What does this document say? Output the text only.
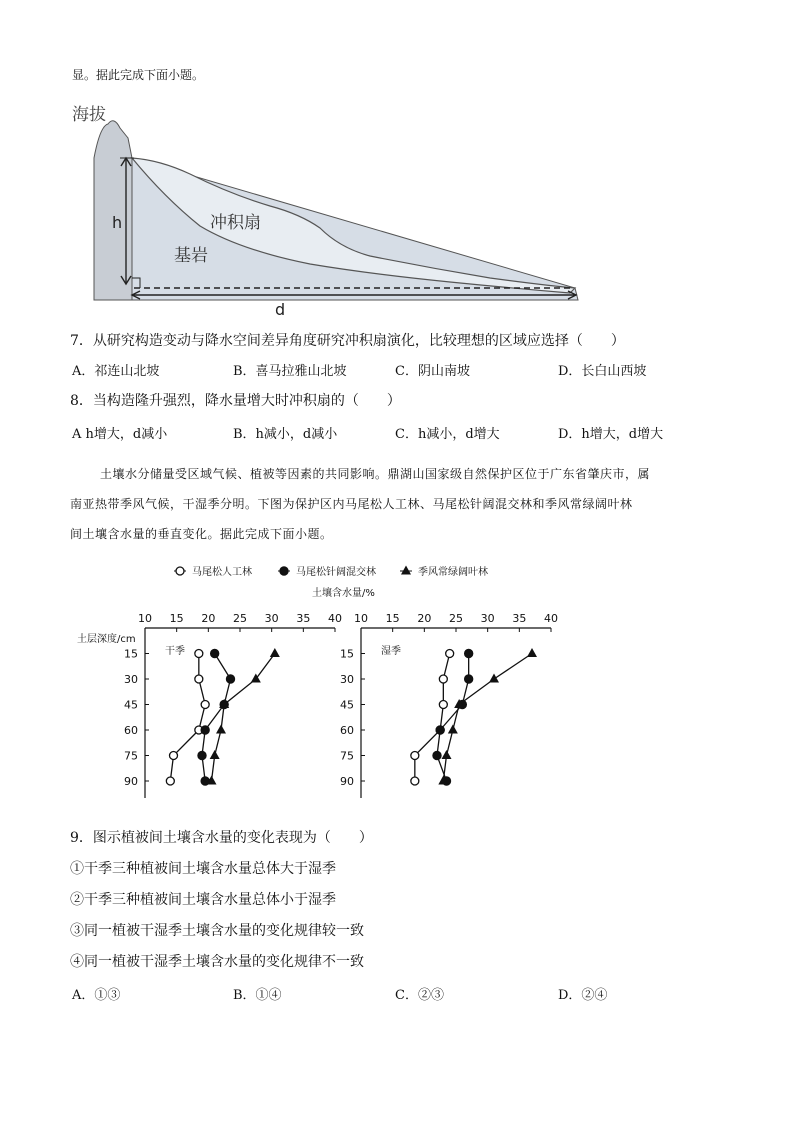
显。据此完成下面小题。
海拔
冲积扇
基岩
h
d
7．从研究构造变动与降水空间差异角度研究冲积扇演化，比较理想的区域应选择（　　）
A．祁连山北坡	B．喜马拉雅山北坡	C．阴山南坡	D．长白山西坡
8．当构造隆升强烈，降水量增大时冲积扇的（　　）
A h增大，d减小	B．h减小，d减小	C．h减小，d增大	D．h增大，d增大
土壤水分储量受区域气候、植被等因素的共同影响。鼎湖山国家级自然保护区位于广东省肇庆市，属
南亚热带季风气候，干湿季分明。下图为保护区内马尾松人工林、马尾松针阔混交林和季风常绿阔叶林
间土壤含水量的垂直变化。据此完成下面小题。
马尾松人工林	马尾松针阔混交林	季风常绿阔叶林
土壤含水量/%
土层深度/cm
10 15 20 25 30 35 40
15
30
45
60
75
90
干季
10 15 20 25 30 35 40
15
30
45
60
75
90
湿季
9．图示植被间土壤含水量的变化表现为（　　）
①干季三种植被间土壤含水量总体大于湿季
②干季三种植被间土壤含水量总体小于湿季
③同一植被干湿季土壤含水量的变化规律较一致
④同一植被干湿季土壤含水量的变化规律不一致
A．①③	B．①④	C．②③	D．②④
